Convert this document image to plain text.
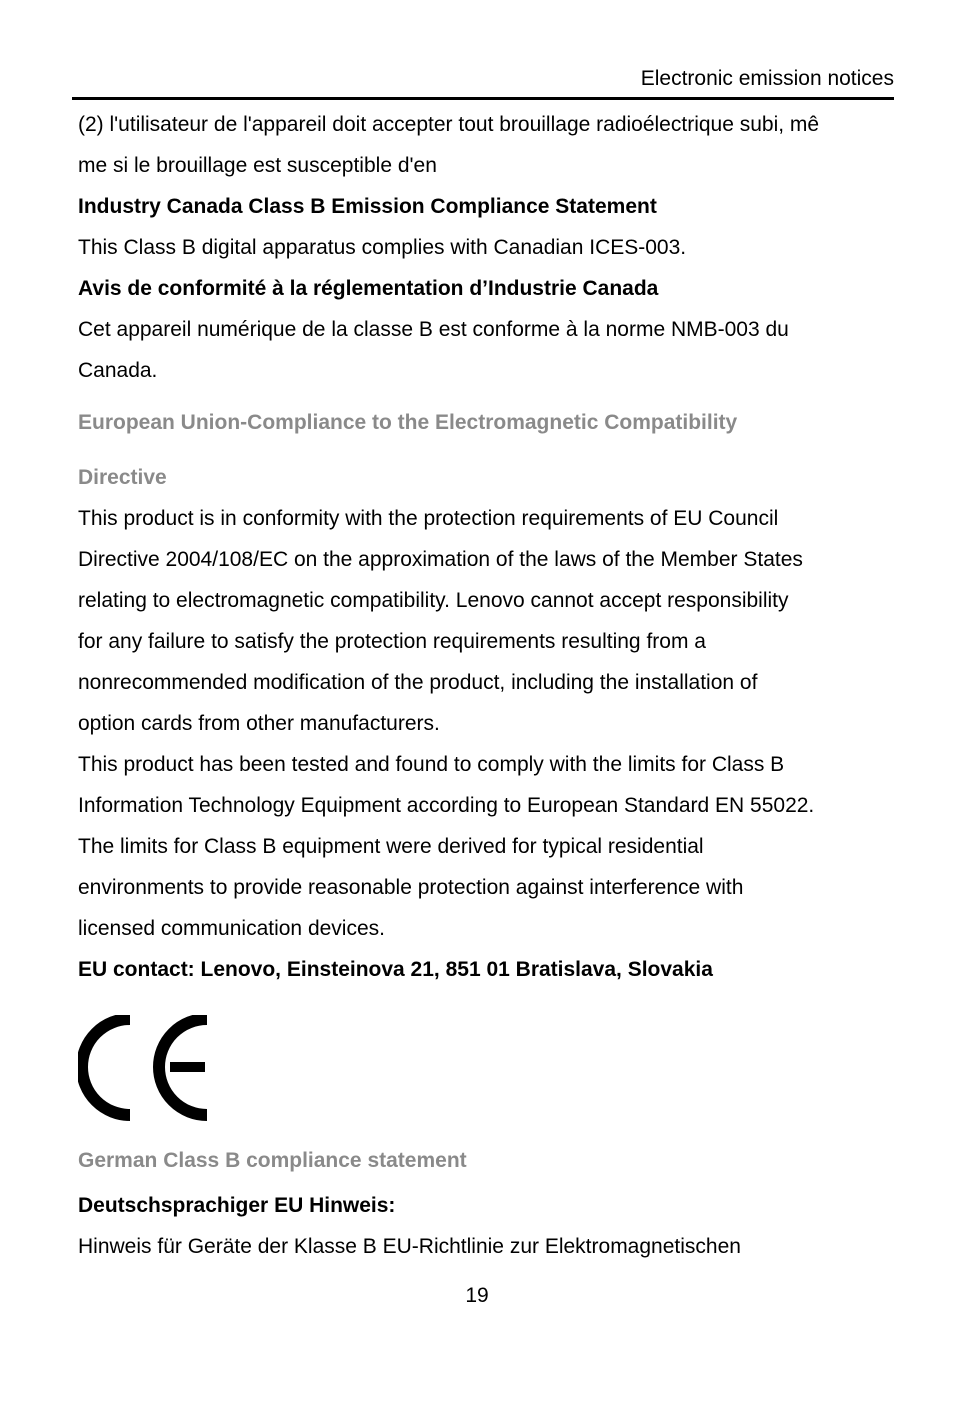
Electronic emission notices

(2) l'utilisateur de l'appareil doit accepter tout brouillage radioélectrique subi, mê

me si le brouillage est susceptible d'en

Industry Canada Class B Emission Compliance Statement

This Class B digital apparatus complies with Canadian ICES-003.

Avis de conformité à la réglementation d’Industrie Canada

Cet appareil numérique de la classe B est conforme à la norme NMB-003 du

Canada.

European Union-Compliance to the Electromagnetic Compatibility

Directive

This product is in conformity with the protection requirements of EU Council

Directive 2004/108/EC on the approximation of the laws of the Member States

relating to electromagnetic compatibility. Lenovo cannot accept responsibility

for any failure to satisfy the protection requirements resulting from a

nonrecommended modification of the product, including the installation of

option cards from other manufacturers.

This product has been tested and found to comply with the limits for Class B

Information Technology Equipment according to European Standard EN 55022.

The limits for Class B equipment were derived for typical residential

environments to provide reasonable protection against interference with

licensed communication devices.

EU contact: Lenovo, Einsteinova 21, 851 01 Bratislava, Slovakia

German Class B compliance statement

Deutschsprachiger EU Hinweis:

Hinweis für Geräte der Klasse B EU-Richtlinie zur Elektromagnetischen

19
